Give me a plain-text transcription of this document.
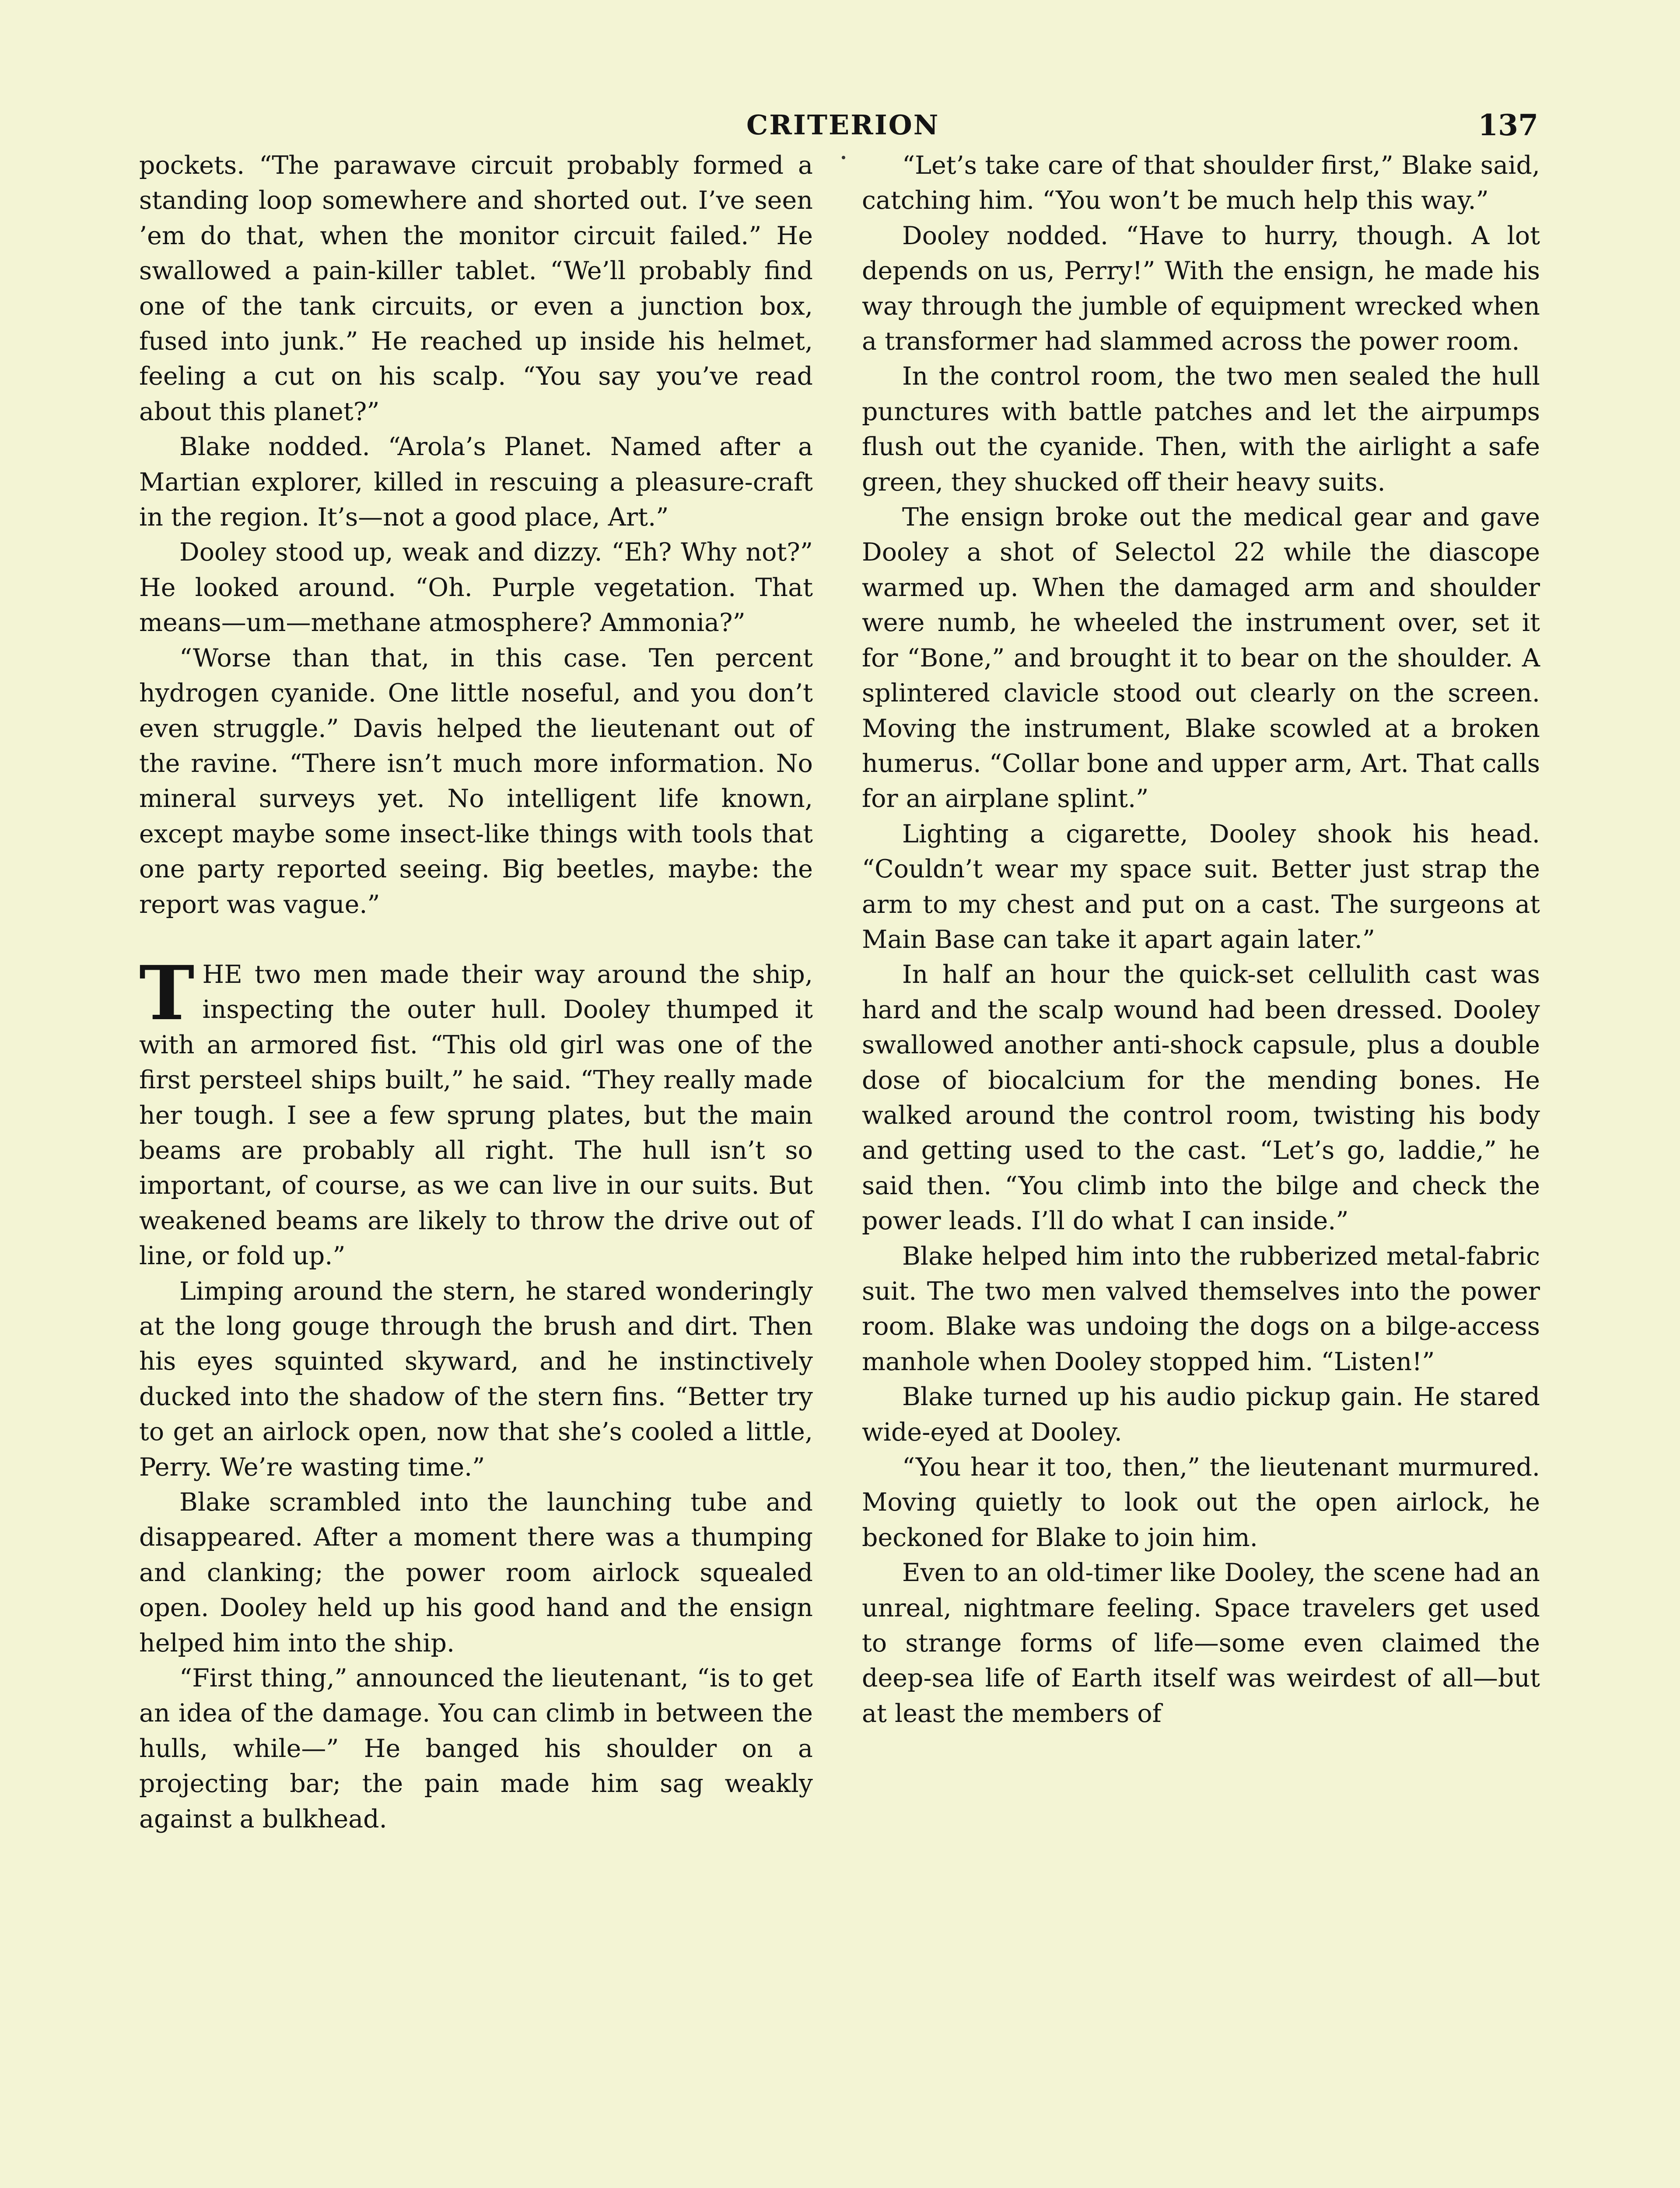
CRITERION	137

pockets. “The parawave circuit probably formed a standing loop somewhere and shorted out. I’ve seen ’em do that, when the monitor circuit failed.” He swallowed a pain-killer tablet. “We’ll probably find one of the tank circuits, or even a junction box, fused into junk.” He reached up inside his helmet, feeling a cut on his scalp. “You say you’ve read about this planet?”

Blake nodded. “Arola’s Planet. Named after a Martian explorer, killed in rescuing a pleasure-craft in the region. It’s—not a good place, Art.”

Dooley stood up, weak and dizzy. “Eh? Why not?” He looked around. “Oh. Purple vegetation. That means—um—methane atmosphere? Ammonia?”

“Worse than that, in this case. Ten percent hydrogen cyanide. One little noseful, and you don’t even struggle.” Davis helped the lieutenant out of the ravine. “There isn’t much more information. No mineral surveys yet. No intelligent life known, except maybe some insect-like things with tools that one party reported seeing. Big beetles, maybe: the report was vague.”

THE two men made their way around the ship, inspecting the outer hull. Dooley thumped it with an armored fist. “This old girl was one of the first persteel ships built,” he said. “They really made her tough. I see a few sprung plates, but the main beams are probably all right. The hull isn’t so important, of course, as we can live in our suits. But weakened beams are likely to throw the drive out of line, or fold up.”

Limping around the stern, he stared wonderingly at the long gouge through the brush and dirt. Then his eyes squinted skyward, and he instinctively ducked into the shadow of the stern fins. “Better try to get an airlock open, now that she’s cooled a little, Perry. We’re wasting time.”

Blake scrambled into the launching tube and disappeared. After a moment there was a thumping and clanking; the power room airlock squealed open. Dooley held up his good hand and the ensign helped him into the ship.

“First thing,” announced the lieutenant, “is to get an idea of the damage. You can climb in between the hulls, while—” He banged his shoulder on a projecting bar; the pain made him sag weakly against a bulkhead.

“Let’s take care of that shoulder first,” Blake said, catching him. “You won’t be much help this way.”

Dooley nodded. “Have to hurry, though. A lot depends on us, Perry!” With the ensign, he made his way through the jumble of equipment wrecked when a transformer had slammed across the power room.

In the control room, the two men sealed the hull punctures with battle patches and let the airpumps flush out the cyanide. Then, with the airlight a safe green, they shucked off their heavy suits.

The ensign broke out the medical gear and gave Dooley a shot of Selectol 22 while the diascope warmed up. When the damaged arm and shoulder were numb, he wheeled the instrument over, set it for “Bone,” and brought it to bear on the shoulder. A splintered clavicle stood out clearly on the screen. Moving the instrument, Blake scowled at a broken humerus. “Collar bone and upper arm, Art. That calls for an airplane splint.”

Lighting a cigarette, Dooley shook his head. “Couldn’t wear my space suit. Better just strap the arm to my chest and put on a cast. The surgeons at Main Base can take it apart again later.”

In half an hour the quick-set cellulith cast was hard and the scalp wound had been dressed. Dooley swallowed another anti-shock capsule, plus a double dose of biocalcium for the mending bones. He walked around the control room, twisting his body and getting used to the cast. “Let’s go, laddie,” he said then. “You climb into the bilge and check the power leads. I’ll do what I can inside.”

Blake helped him into the rubberized metal-fabric suit. The two men valved themselves into the power room. Blake was undoing the dogs on a bilge-access manhole when Dooley stopped him. “Listen!”

Blake turned up his audio pickup gain. He stared wide-eyed at Dooley.

“You hear it too, then,” the lieutenant murmured. Moving quietly to look out the open airlock, he beckoned for Blake to join him.

Even to an old-timer like Dooley, the scene had an unreal, nightmare feeling. Space travelers get used to strange forms of life—some even claimed the deep-sea life of Earth itself was weirdest of all—but at least the members of
